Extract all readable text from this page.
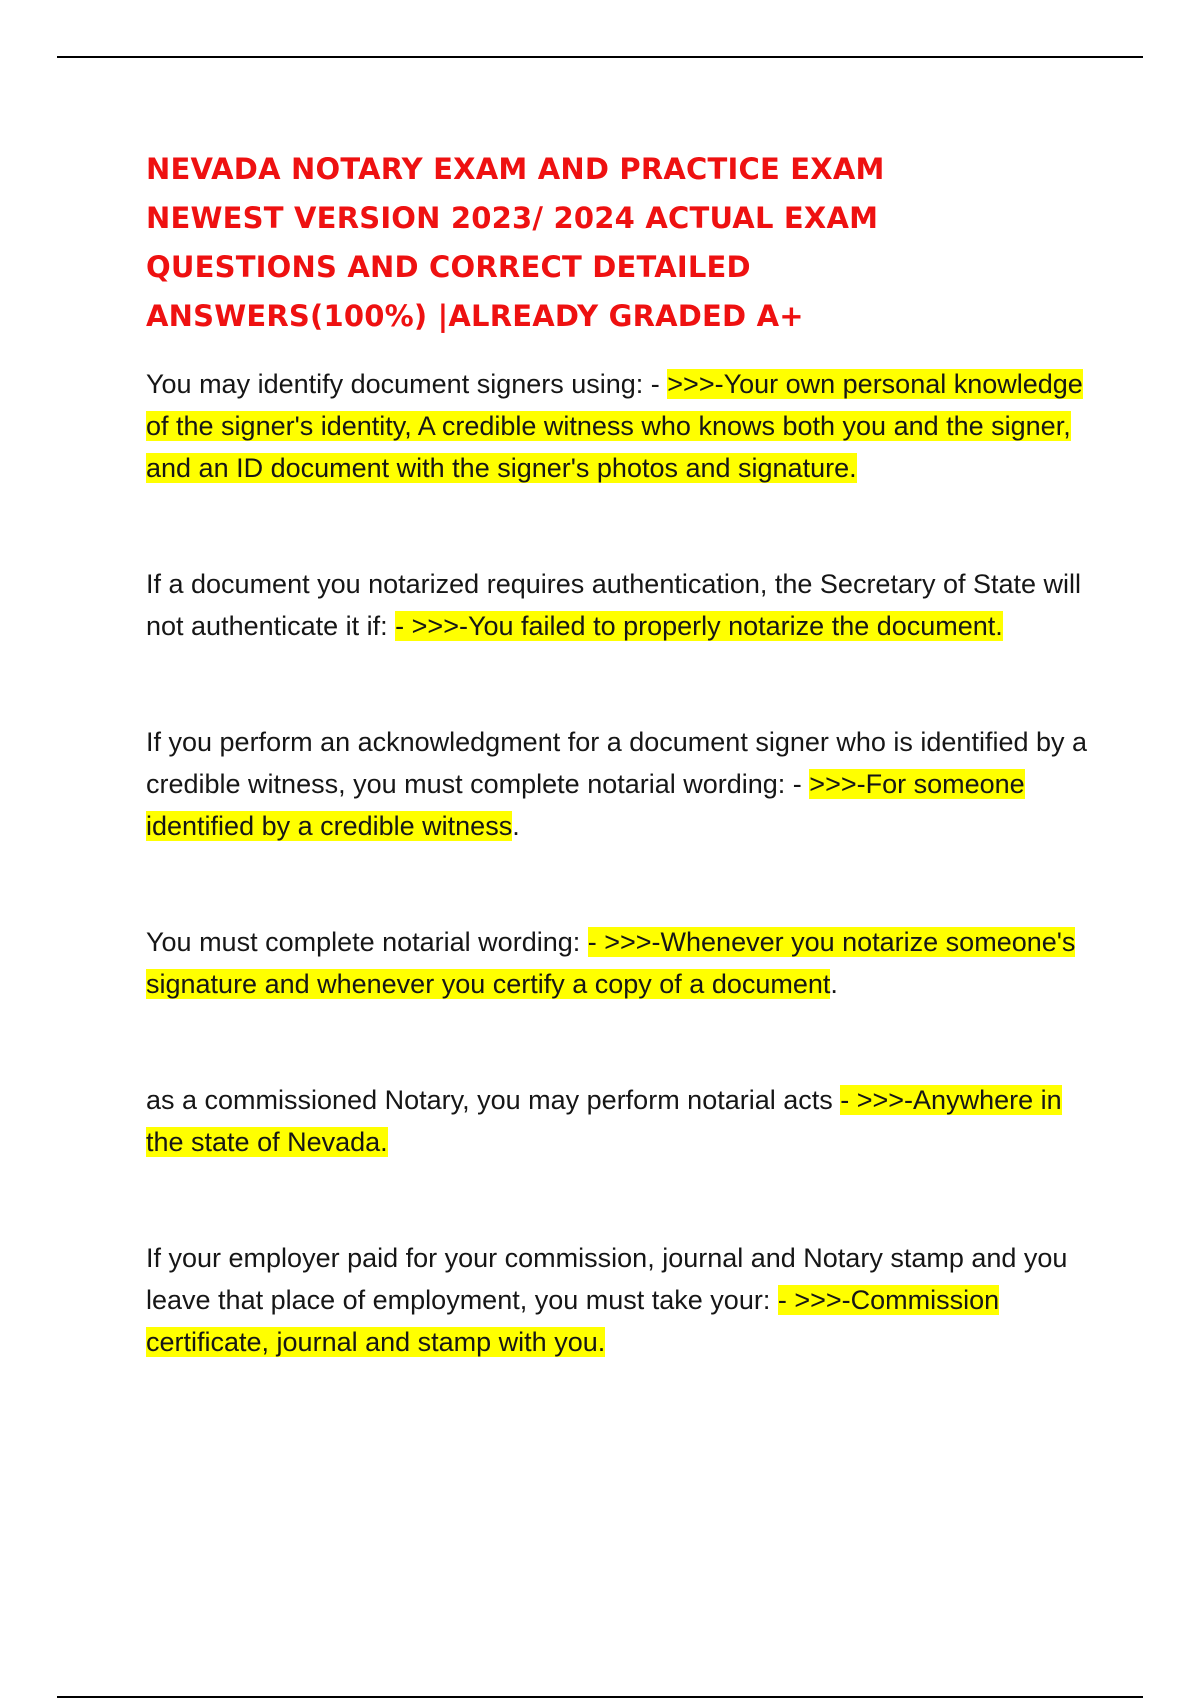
NEVADA NOTARY EXAM AND PRACTICE EXAM
NEWEST VERSION 2023/ 2024 ACTUAL EXAM
QUESTIONS AND CORRECT DETAILED
ANSWERS(100%) |ALREADY GRADED A+

You may identify document signers using: - >>>-Your own personal knowledge of the signer's identity, A credible witness who knows both you and the signer, and an ID document with the signer's photos and signature.

If a document you notarized requires authentication, the Secretary of State will not authenticate it if: - >>>-You failed to properly notarize the document.

If you perform an acknowledgment for a document signer who is identified by a credible witness, you must complete notarial wording: - >>>-For someone identified by a credible witness.

You must complete notarial wording: - >>>-Whenever you notarize someone's signature and whenever you certify a copy of a document.

as a commissioned Notary, you may perform notarial acts - >>>-Anywhere in the state of Nevada.

If your employer paid for your commission, journal and Notary stamp and you leave that place of employment, you must take your: - >>>-Commission certificate, journal and stamp with you.
